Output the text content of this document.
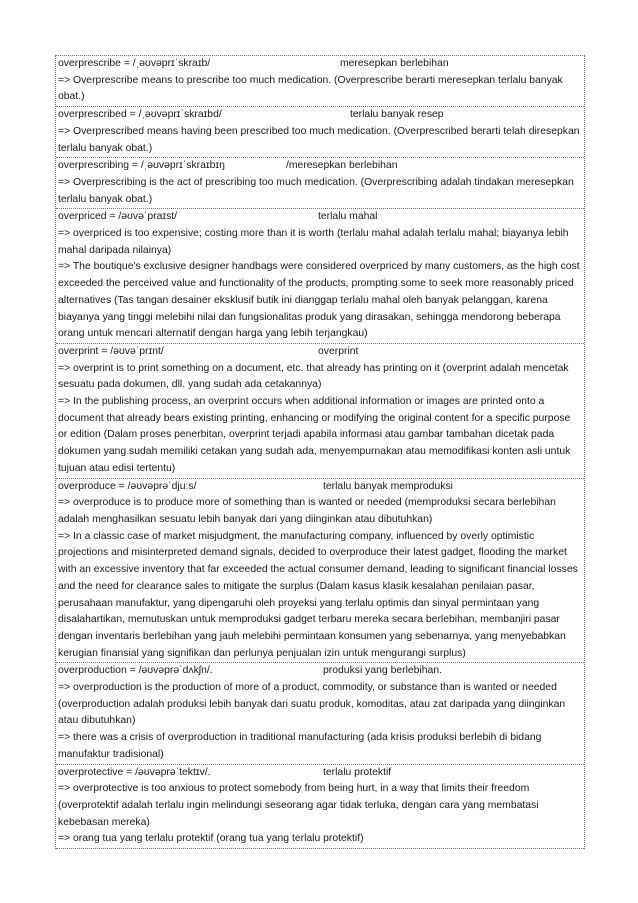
overprescribe = /ˌəʊvəprɪˈskraɪb/	meresepkan berlebihan

=> Overprescribe means to prescribe too much medication. (Overprescribe berarti meresepkan terlalu banyak obat.)

overprescribed = /ˌəʊvəprɪˈskraɪbd/	terlalu banyak resep

=> Overprescribed means having been prescribed too much medication. (Overprescribed berarti telah diresepkan terlalu banyak obat.)

overprescribing = /ˌəʊvəprɪˈskraɪbɪŋ	/meresepkan berlebihan

=> Overprescribing is the act of prescribing too much medication. (Overprescribing adalah tindakan meresepkan terlalu banyak obat.)

overpriced = /əʊvəˈpraɪst/	terlalu mahal

=> overpriced is too expensive; costing more than it is worth (terlalu mahal adalah terlalu mahal; biayanya lebih mahal daripada nilainya)

=> The boutique's exclusive designer handbags were considered overpriced by many customers, as the high cost exceeded the perceived value and functionality of the products, prompting some to seek more reasonably priced alternatives (Tas tangan desainer eksklusif butik ini dianggap terlalu mahal oleh banyak pelanggan, karena biayanya yang tinggi melebihi nilai dan fungsionalitas produk yang dirasakan, sehingga mendorong beberapa orang untuk mencari alternatif dengan harga yang lebih terjangkau)

overprint = /əʊvəˈprɪnt/	overprint

=> overprint is to print something on a document, etc. that already has printing on it (overprint adalah mencetak sesuatu pada dokumen, dll. yang sudah ada cetakannya)

=> In the publishing process, an overprint occurs when additional information or images are printed onto a document that already bears existing printing, enhancing or modifying the original content for a specific purpose or edition (Dalam proses penerbitan, overprint terjadi apabila informasi atau gambar tambahan dicetak pada dokumen yang sudah memiliki cetakan yang sudah ada, menyempurnakan atau memodifikasi konten asli untuk tujuan atau edisi tertentu)

overproduce = /əʊvəprəˈdjuːs/	terlalu banyak memproduksi

=> overproduce is to produce more of something than is wanted or needed (memproduksi secara berlebihan adalah menghasilkan sesuatu lebih banyak dari yang diinginkan atau dibutuhkan)

=> In a classic case of market misjudgment, the manufacturing company, influenced by overly optimistic projections and misinterpreted demand signals, decided to overproduce their latest gadget, flooding the market with an excessive inventory that far exceeded the actual consumer demand, leading to significant financial losses and the need for clearance sales to mitigate the surplus (Dalam kasus klasik kesalahan penilaian pasar, perusahaan manufaktur, yang dipengaruhi oleh proyeksi yang terlalu optimis dan sinyal permintaan yang disalahartikan, memutuskan untuk memproduksi gadget terbaru mereka secara berlebihan, membanjiri pasar dengan inventaris berlebihan yang jauh melebihi permintaan konsumen yang sebenarnya, yang menyebabkan kerugian finansial yang signifikan dan perlunya penjualan izin untuk mengurangi surplus)

overproduction = /əʊvəprəˈdʌkʃn/.	produksi yang berlebihan.

=> overproduction is the production of more of a product, commodity, or substance than is wanted or needed (overproduction adalah produksi lebih banyak dari suatu produk, komoditas, atau zat daripada yang diinginkan atau dibutuhkan)

=> there was a crisis of overproduction in traditional manufacturing (ada krisis produksi berlebih di bidang manufaktur tradisional)

overprotective = /əʊvəprəˈtektɪv/.	terlalu protektif

=> overprotective is too anxious to protect somebody from being hurt, in a way that limits their freedom (overprotektif adalah terlalu ingin melindungi seseorang agar tidak terluka, dengan cara yang membatasi kebebasan mereka)

=> orang tua yang terlalu protektif (orang tua yang terlalu protektif)
